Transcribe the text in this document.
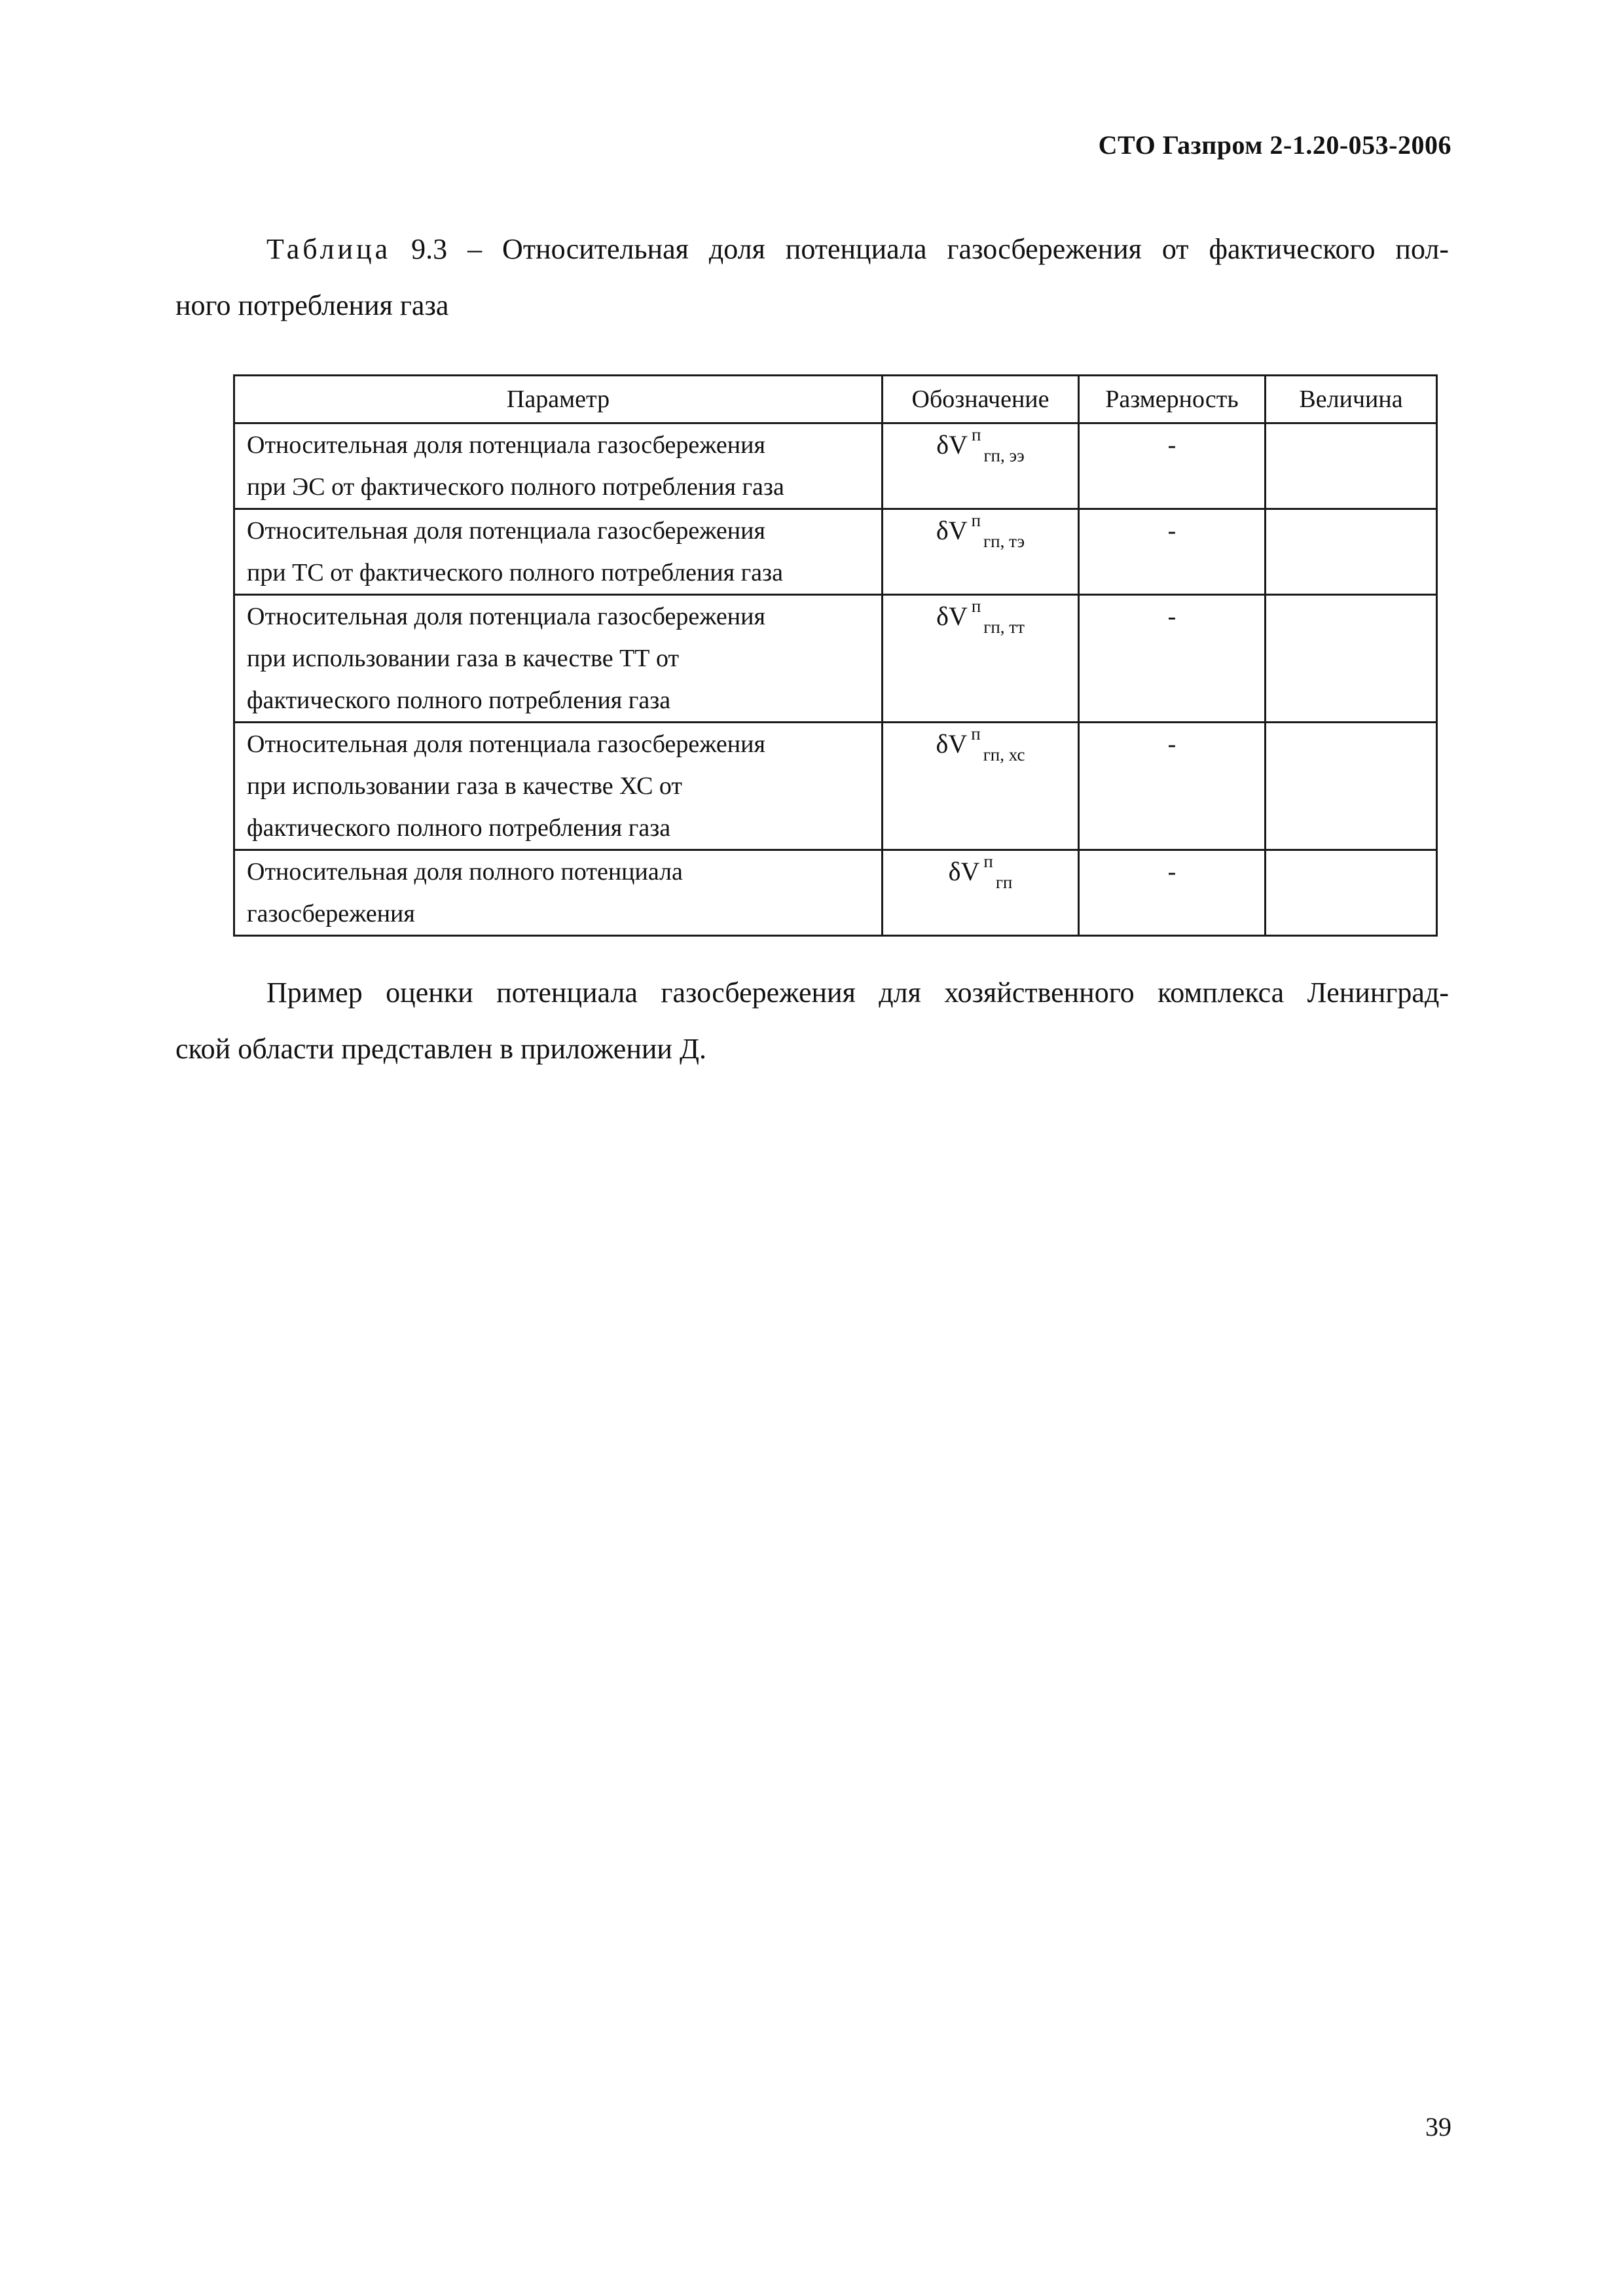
СТО Газпром 2-1.20-053-2006
Таблица 9.3 – Относительная доля потенциала газосбережения от фактического пол-
ного потребления газа
Параметр	Обозначение	Размерность	Величина
Относительная доля потенциала газосбережения
при ЭС от фактического полного потребления газа	δV $^п_{гп, ээ}$	-	
Относительная доля потенциала газосбережения
при ТС от фактического полного потребления газа	δV $^п_{гп, тэ}$	-	
Относительная доля потенциала газосбережения
при использовании газа в качестве ТТ от
фактического полного потребления газа	δV $^п_{гп, тт}$	-	
Относительная доля потенциала газосбережения
при использовании газа в качестве ХС от
фактического полного потребления газа	δV $^п_{гп, хс}$	-	
Относительная доля полного потенциала
газосбережения	δV $^п_{гп}$	-	
Пример оценки потенциала газосбережения для хозяйственного комплекса Ленинград-
ской области представлен в приложении Д.
39
